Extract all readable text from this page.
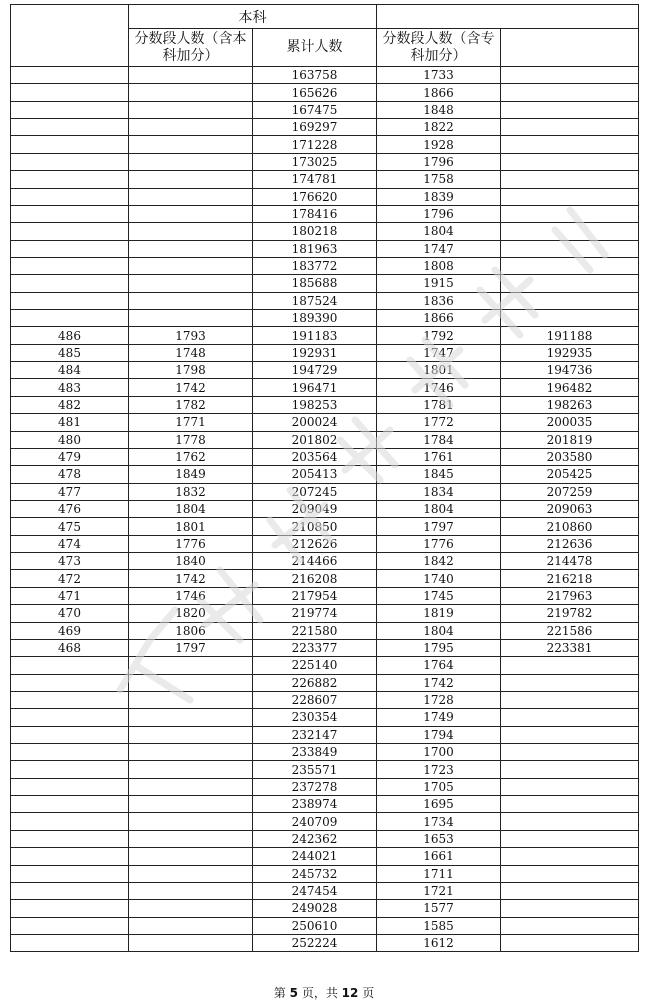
	本科			
	分数段人数（含本科加分）	累计人数	分数段人数（含专科加分）	
		163758	1733	
		165626	1866	
		167475	1848	
		169297	1822	
		171228	1928	
		173025	1796	
		174781	1758	
		176620	1839	
		178416	1796	
		180218	1804	
		181963	1747	
		183772	1808	
		185688	1915	
		187524	1836	
		189390	1866	
486	1793	191183	1792	191188
485	1748	192931	1747	192935
484	1798	194729	1801	194736
483	1742	196471	1746	196482
482	1782	198253	1781	198263
481	1771	200024	1772	200035
480	1778	201802	1784	201819
479	1762	203564	1761	203580
478	1849	205413	1845	205425
477	1832	207245	1834	207259
476	1804	209049	1804	209063
475	1801	210850	1797	210860
474	1776	212626	1776	212636
473	1840	214466	1842	214478
472	1742	216208	1740	216218
471	1746	217954	1745	217963
470	1820	219774	1819	219782
469	1806	221580	1804	221586
468	1797	223377	1795	223381
		225140	1764	
		226882	1742	
		228607	1728	
		230354	1749	
		232147	1794	
		233849	1700	
		235571	1723	
		237278	1705	
		238974	1695	
		240709	1734	
		242362	1653	
		244021	1661	
		245732	1711	
		247454	1721	
		249028	1577	
		250610	1585	
		252224	1612	
第 5 页，共 12 页
